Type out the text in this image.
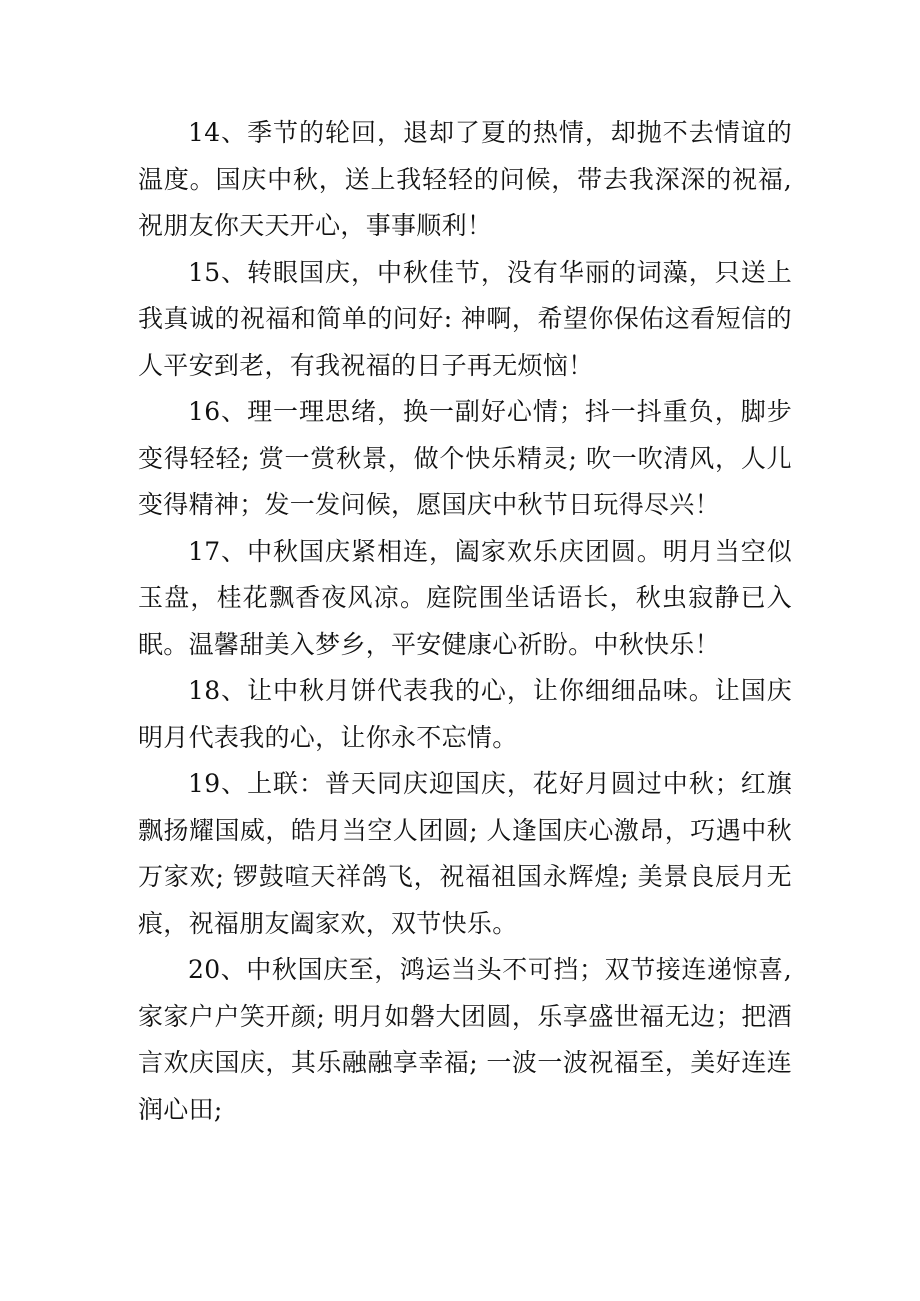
14、季节的轮回，退却了夏的热情，却抛不去情谊的温度。国庆中秋，送上我轻轻的问候，带去我深深的祝福, 祝朋友你天天开心，事事顺利！

15、转眼国庆，中秋佳节，没有华丽的词藻，只送上我真诚的祝福和简单的问好: 神啊，希望你保佑这看短信的人平安到老，有我祝福的日子再无烦恼！

16、理一理思绪，换一副好心情；抖一抖重负，脚步变得轻轻; 赏一赏秋景，做个快乐精灵; 吹一吹清风，人儿变得精神；发一发问候，愿国庆中秋节日玩得尽兴！

17、中秋国庆紧相连，阖家欢乐庆团圆。明月当空似玉盘，桂花飘香夜风凉。庭院围坐话语长，秋虫寂静已入眠。温馨甜美入梦乡，平安健康心祈盼。中秋快乐！

18、让中秋月饼代表我的心，让你细细品味。让国庆明月代表我的心，让你永不忘情。

19、上联：普天同庆迎国庆，花好月圆过中秋；红旗飘扬耀国威，皓月当空人团圆; 人逢国庆心激昂，巧遇中秋万家欢; 锣鼓喧天祥鸽飞，祝福祖国永辉煌; 美景良辰月无痕，祝福朋友阖家欢，双节快乐。

20、中秋国庆至，鸿运当头不可挡；双节接连递惊喜, 家家户户笑开颜; 明月如磐大团圆，乐享盛世福无边；把酒言欢庆国庆，其乐融融享幸福; 一波一波祝福至，美好连连润心田;
